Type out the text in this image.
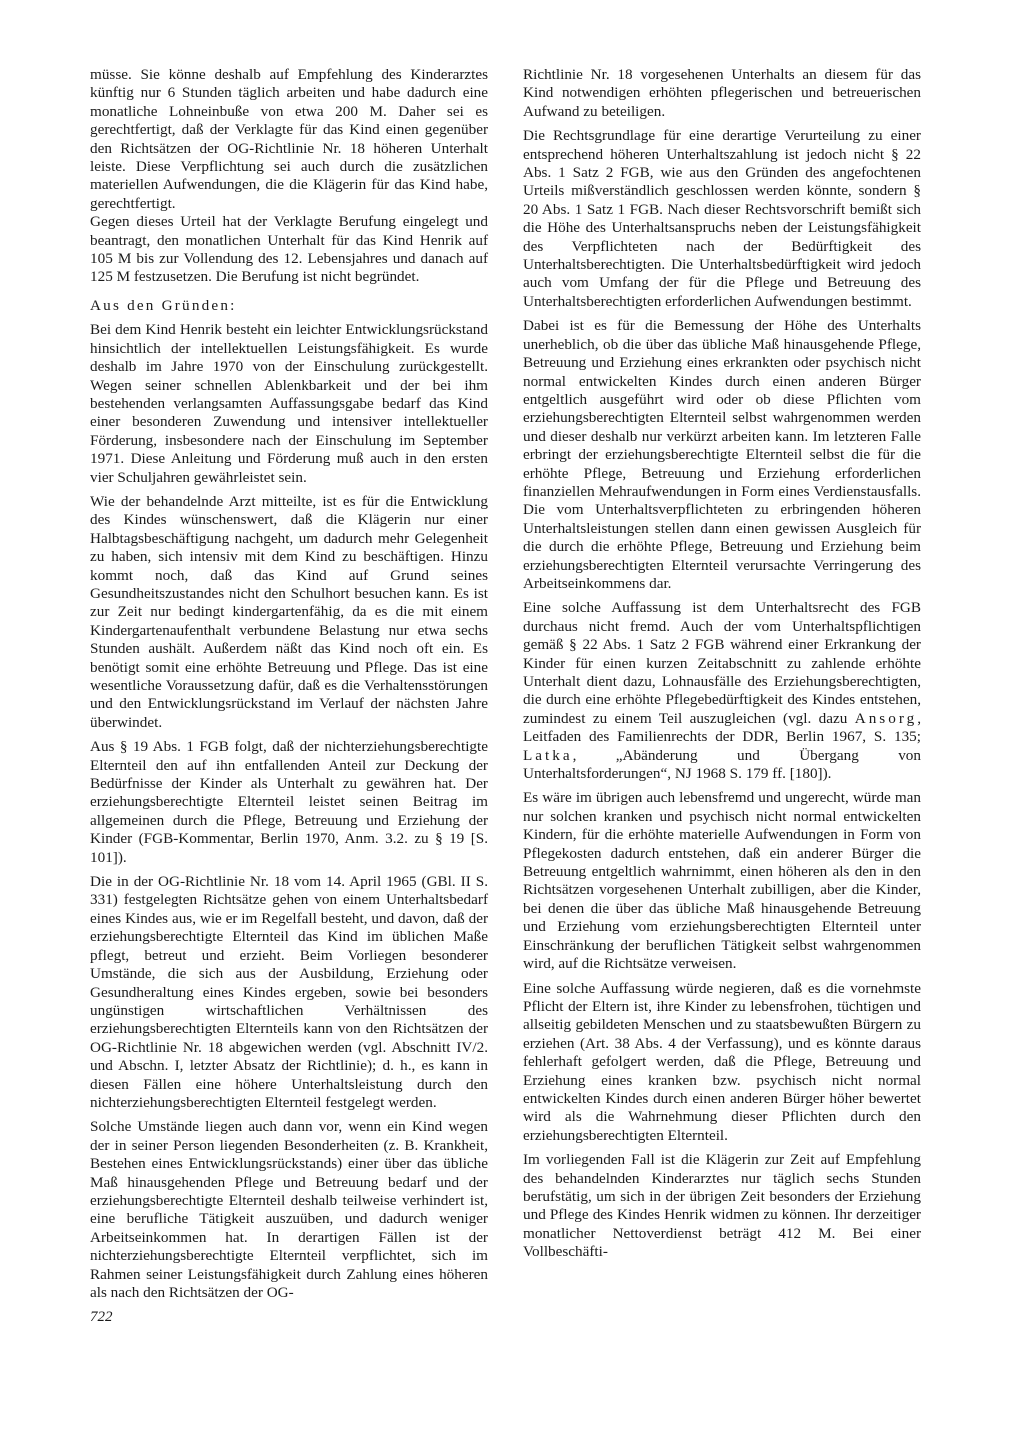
müsse. Sie könne deshalb auf Empfehlung des Kinderarztes künftig nur 6 Stunden täglich arbeiten und habe dadurch eine monatliche Lohneinbuße von etwa 200 M. Daher sei es gerechtfertigt, daß der Verklagte für das Kind einen gegenüber den Richtsätzen der OG-Richtlinie Nr. 18 höheren Unterhalt leiste. Diese Verpflichtung sei auch durch die zusätzlichen materiellen Aufwendungen, die die Klägerin für das Kind habe, gerechtfertigt.

Gegen dieses Urteil hat der Verklagte Berufung eingelegt und beantragt, den monatlichen Unterhalt für das Kind Henrik auf 105 M bis zur Vollendung des 12. Lebensjahres und danach auf 125 M festzusetzen. Die Berufung ist nicht begründet.

Aus den Gründen:

Bei dem Kind Henrik besteht ein leichter Entwicklungsrückstand hinsichtlich der intellektuellen Leistungsfähigkeit. Es wurde deshalb im Jahre 1970 von der Einschulung zurückgestellt. Wegen seiner schnellen Ablenkbarkeit und der bei ihm bestehenden verlangsamten Auffassungsgabe bedarf das Kind einer besonderen Zuwendung und intensiver intellektueller Förderung, insbesondere nach der Einschulung im September 1971. Diese Anleitung und Förderung muß auch in den ersten vier Schuljahren gewährleistet sein.

Wie der behandelnde Arzt mitteilte, ist es für die Entwicklung des Kindes wünschenswert, daß die Klägerin nur einer Halbtagsbeschäftigung nachgeht, um dadurch mehr Gelegenheit zu haben, sich intensiv mit dem Kind zu beschäftigen. Hinzu kommt noch, daß das Kind auf Grund seines Gesundheitszustandes nicht den Schulhort besuchen kann. Es ist zur Zeit nur bedingt kindergartenfähig, da es die mit einem Kindergartenaufenthalt verbundene Belastung nur etwa sechs Stunden aushält. Außerdem näßt das Kind noch oft ein. Es benötigt somit eine erhöhte Betreuung und Pflege. Das ist eine wesentliche Voraussetzung dafür, daß es die Verhaltensstörungen und den Entwicklungsrückstand im Verlauf der nächsten Jahre überwindet.

Aus § 19 Abs. 1 FGB folgt, daß der nichterziehungsberechtigte Elternteil den auf ihn entfallenden Anteil zur Deckung der Bedürfnisse der Kinder als Unterhalt zu gewähren hat. Der erziehungsberechtigte Elternteil leistet seinen Beitrag im allgemeinen durch die Pflege, Betreuung und Erziehung der Kinder (FGB-Kommentar, Berlin 1970, Anm. 3.2. zu § 19 [S. 101]).

Die in der OG-Richtlinie Nr. 18 vom 14. April 1965 (GBl. II S. 331) festgelegten Richtsätze gehen von einem Unterhaltsbedarf eines Kindes aus, wie er im Regelfall besteht, und davon, daß der erziehungsberechtigte Elternteil das Kind im üblichen Maße pflegt, betreut und erzieht. Beim Vorliegen besonderer Umstände, die sich aus der Ausbildung, Erziehung oder Gesundheraltung eines Kindes ergeben, sowie bei besonders ungünstigen wirtschaftlichen Verhältnissen des erziehungsberechtigten Elternteils kann von den Richtsätzen der OG-Richtlinie Nr. 18 abgewichen werden (vgl. Abschnitt IV/2. und Abschn. I, letzter Absatz der Richtlinie); d. h., es kann in diesen Fällen eine höhere Unterhaltsleistung durch den nichterziehungsberechtigten Elternteil festgelegt werden.

Solche Umstände liegen auch dann vor, wenn ein Kind wegen der in seiner Person liegenden Besonderheiten (z. B. Krankheit, Bestehen eines Entwicklungsrückstands) einer über das übliche Maß hinausgehenden Pflege und Betreuung bedarf und der erziehungsberechtigte Elternteil deshalb teilweise verhindert ist, eine berufliche Tätigkeit auszuüben, und dadurch weniger Arbeitseinkommen hat. In derartigen Fällen ist der nichterziehungsberechtigte Elternteil verpflichtet, sich im Rahmen seiner Leistungsfähigkeit durch Zahlung eines höheren als nach den Richtsätzen der OG-

Richtlinie Nr. 18 vorgesehenen Unterhalts an diesem für das Kind notwendigen erhöhten pflegerischen und betreuerischen Aufwand zu beteiligen.

Die Rechtsgrundlage für eine derartige Verurteilung zu einer entsprechend höheren Unterhaltszahlung ist jedoch nicht § 22 Abs. 1 Satz 2 FGB, wie aus den Gründen des angefochtenen Urteils mißverständlich geschlossen werden könnte, sondern § 20 Abs. 1 Satz 1 FGB. Nach dieser Rechtsvorschrift bemißt sich die Höhe des Unterhaltsanspruchs neben der Leistungsfähigkeit des Verpflichteten nach der Bedürftigkeit des Unterhaltsberechtigten. Die Unterhaltsbedürftigkeit wird jedoch auch vom Umfang der für die Pflege und Betreuung des Unterhaltsberechtigten erforderlichen Aufwendungen bestimmt.

Dabei ist es für die Bemessung der Höhe des Unterhalts unerheblich, ob die über das übliche Maß hinausgehende Pflege, Betreuung und Erziehung eines erkrankten oder psychisch nicht normal entwickelten Kindes durch einen anderen Bürger entgeltlich ausgeführt wird oder ob diese Pflichten vom erziehungsberechtigten Elternteil selbst wahrgenommen werden und dieser deshalb nur verkürzt arbeiten kann. Im letzteren Falle erbringt der erziehungsberechtigte Elternteil selbst die für die erhöhte Pflege, Betreuung und Erziehung erforderlichen finanziellen Mehraufwendungen in Form eines Verdienstausfalls. Die vom Unterhaltsverpflichteten zu erbringenden höheren Unterhaltsleistungen stellen dann einen gewissen Ausgleich für die durch die erhöhte Pflege, Betreuung und Erziehung beim erziehungsberechtigten Elternteil verursachte Verringerung des Arbeitseinkommens dar.

Eine solche Auffassung ist dem Unterhaltsrecht des FGB durchaus nicht fremd. Auch der vom Unterhaltspflichtigen gemäß § 22 Abs. 1 Satz 2 FGB während einer Erkrankung der Kinder für einen kurzen Zeitabschnitt zu zahlende erhöhte Unterhalt dient dazu, Lohnausfälle des Erziehungsberechtigten, die durch eine erhöhte Pflegebedürftigkeit des Kindes entstehen, zumindest zu einem Teil auszugleichen (vgl. dazu Ansorg, Leitfaden des Familienrechts der DDR, Berlin 1967, S. 135; Latka, „Abänderung und Übergang von Unterhaltsforderungen“, NJ 1968 S. 179 ff. [180]).

Es wäre im übrigen auch lebensfremd und ungerecht, würde man nur solchen kranken und psychisch nicht normal entwickelten Kindern, für die erhöhte materielle Aufwendungen in Form von Pflegekosten dadurch entstehen, daß ein anderer Bürger die Betreuung entgeltlich wahrnimmt, einen höheren als den in den Richtsätzen vorgesehenen Unterhalt zubilligen, aber die Kinder, bei denen die über das übliche Maß hinausgehende Betreuung und Erziehung vom erziehungsberechtigten Elternteil unter Einschränkung der beruflichen Tätigkeit selbst wahrgenommen wird, auf die Richtsätze verweisen.

Eine solche Auffassung würde negieren, daß es die vornehmste Pflicht der Eltern ist, ihre Kinder zu lebensfrohen, tüchtigen und allseitig gebildeten Menschen und zu staatsbewußten Bürgern zu erziehen (Art. 38 Abs. 4 der Verfassung), und es könnte daraus fehlerhaft gefolgert werden, daß die Pflege, Betreuung und Erziehung eines kranken bzw. psychisch nicht normal entwickelten Kindes durch einen anderen Bürger höher bewertet wird als die Wahrnehmung dieser Pflichten durch den erziehungsberechtigten Elternteil.

Im vorliegenden Fall ist die Klägerin zur Zeit auf Empfehlung des behandelnden Kinderarztes nur täglich sechs Stunden berufstätig, um sich in der übrigen Zeit besonders der Erziehung und Pflege des Kindes Henrik widmen zu können. Ihr derzeitiger monatlicher Nettoverdienst beträgt 412 M. Bei einer Vollbeschäfti-

722
